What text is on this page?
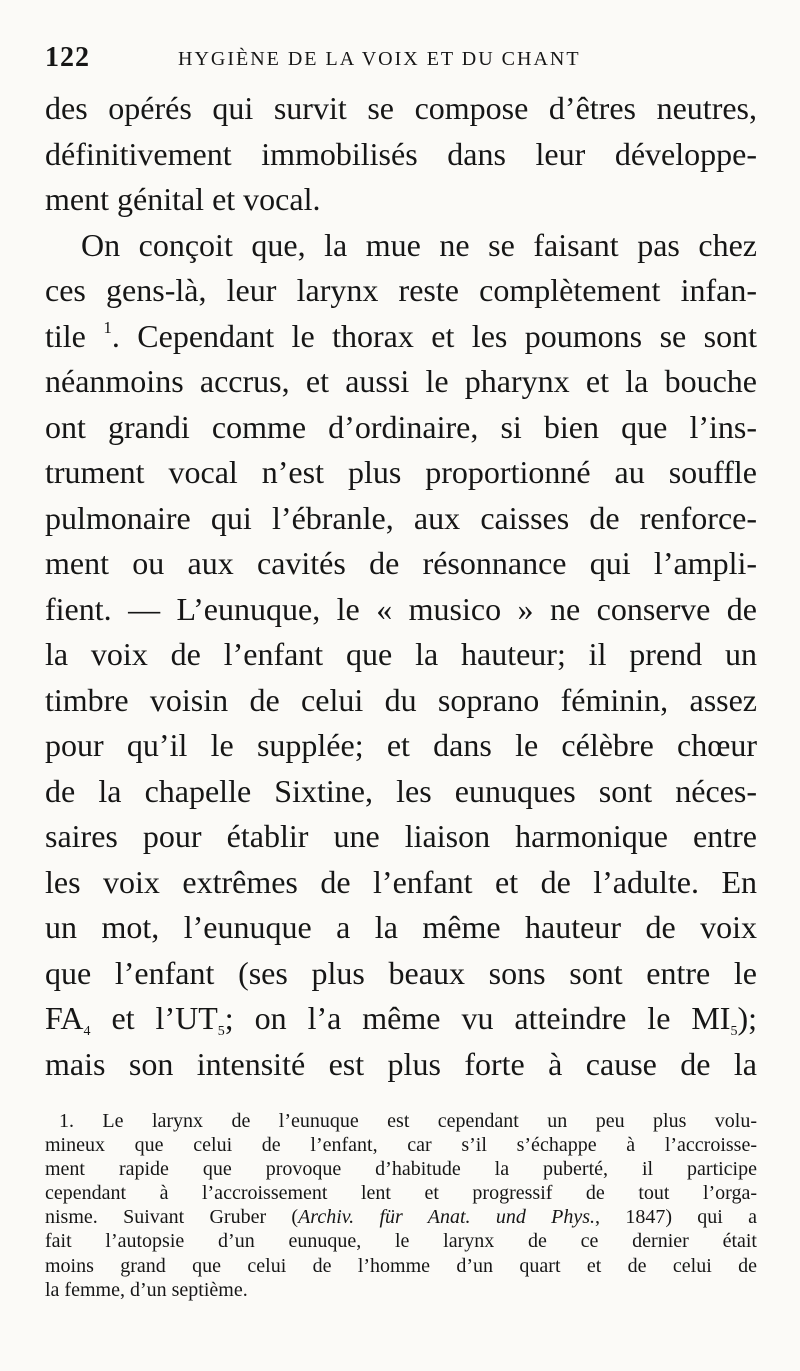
122	HYGIÈNE DE LA VOIX ET DU CHANT
des opérés qui survit se compose d’êtres neutres,
définitivement immobilisés dans leur développe-
ment génital et vocal.
On conçoit que, la mue ne se faisant pas chez
ces gens-là, leur larynx reste complètement infan-
tile $^1$. Cependant le thorax et les poumons se sont
néanmoins accrus, et aussi le pharynx et la bouche
ont grandi comme d’ordinaire, si bien que l’ins-
trument vocal n’est plus proportionné au souffle
pulmonaire qui l’ébranle, aux caisses de renforce-
ment ou aux cavités de résonnance qui l’ampli-
fient. — L’eunuque, le « musico » ne conserve de
la voix de l’enfant que la hauteur; il prend un
timbre voisin de celui du soprano féminin, assez
pour qu’il le supplée; et dans le célèbre chœur
de la chapelle Sixtine, les eunuques sont néces-
saires pour établir une liaison harmonique entre
les voix extrêmes de l’enfant et de l’adulte. En
un mot, l’eunuque a la même hauteur de voix
que l’enfant (ses plus beaux sons sont entre le
$FA_4$ et $l’UT_5$; on l’a même vu atteindre le $MI_5$);
mais son intensité est plus forte à cause de la
1. Le larynx de l’eunuque est cependant un peu plus volu-
mineux que celui de l’enfant, car s’il s’échappe à l’accroisse-
ment rapide que provoque d’habitude la puberté, il participe
cependant à l’accroissement lent et progressif de tout l’orga-
nisme. Suivant Gruber (Archiv. für Anat. und Phys., 1847) qui a
fait l’autopsie d’un eunuque, le larynx de ce dernier était
moins grand que celui de l’homme d’un quart et de celui de
la femme, d’un septième.
